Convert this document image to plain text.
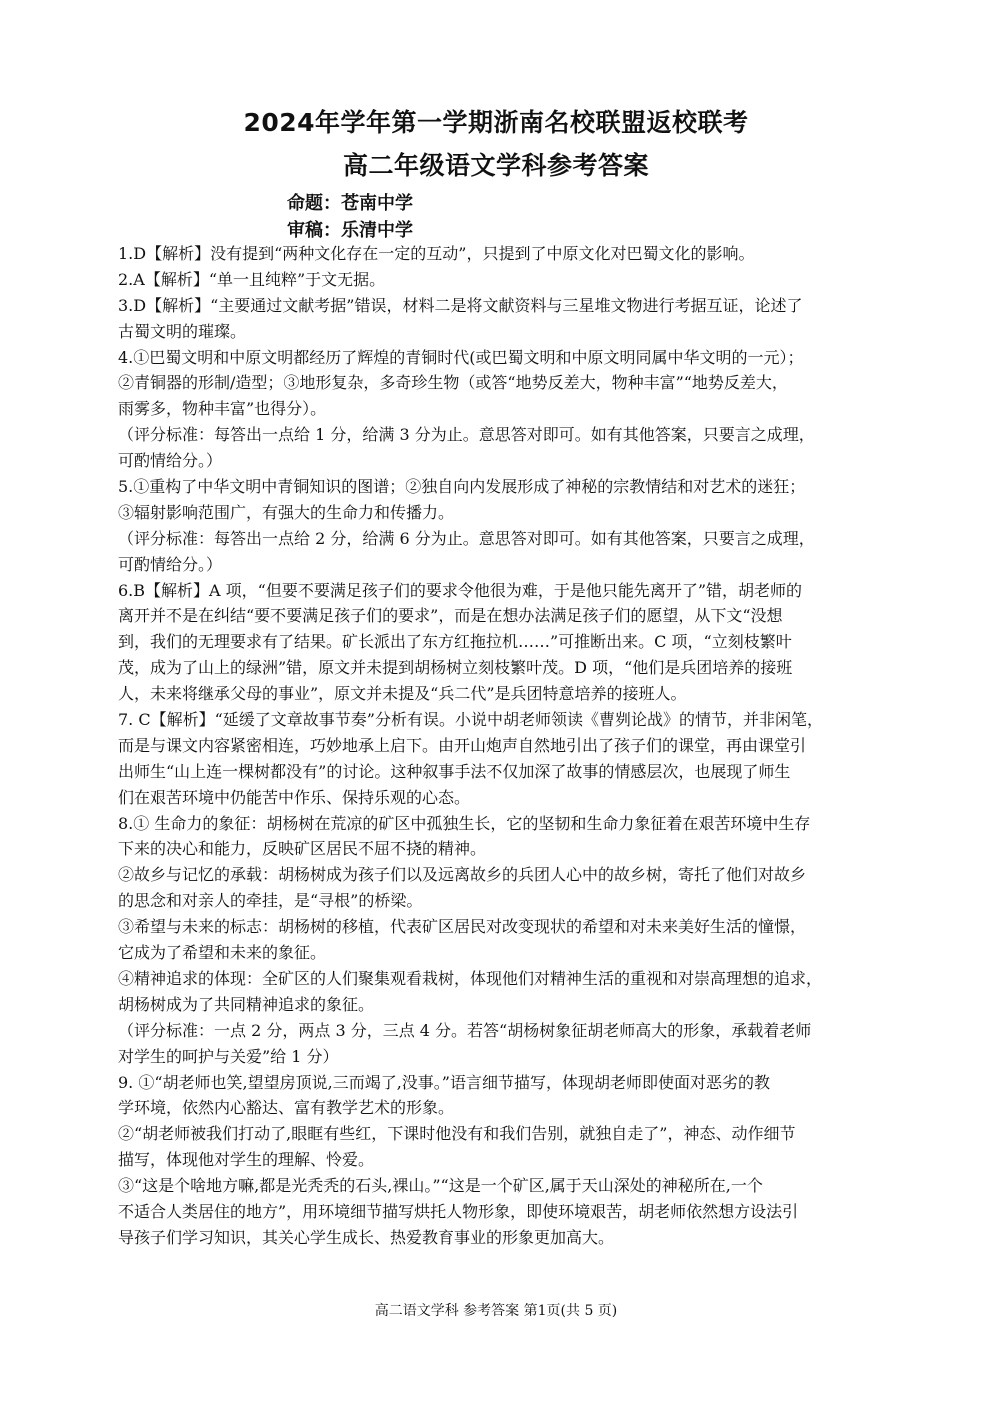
2024年学年第一学期浙南名校联盟返校联考
高二年级语文学科参考答案
命题：苍南中学
审稿：乐清中学
1.D【解析】没有提到“两种文化存在一定的互动”，只提到了中原文化对巴蜀文化的影响。
2.A【解析】“单一且纯粹”于文无据。
3.D【解析】“主要通过文献考据”错误，材料二是将文献资料与三星堆文物进行考据互证，论述了
古蜀文明的璀璨。
4.①巴蜀文明和中原文明都经历了辉煌的青铜时代(或巴蜀文明和中原文明同属中华文明的一元）；
②青铜器的形制/造型；③地形复杂，多奇珍生物（或答“地势反差大，物种丰富”“地势反差大，
雨雾多，物种丰富”也得分）。
（评分标准：每答出一点给 1 分，给满 3 分为止。意思答对即可。如有其他答案，只要言之成理，
可酌情给分。）
5.①重构了中华文明中青铜知识的图谱；②独自向内发展形成了神秘的宗教情结和对艺术的迷狂；
③辐射影响范围广，有强大的生命力和传播力。
（评分标准：每答出一点给 2 分，给满 6 分为止。意思答对即可。如有其他答案，只要言之成理，
可酌情给分。）
6.B【解析】A 项，“但要不要满足孩子们的要求令他很为难，于是他只能先离开了”错，胡老师的
离开并不是在纠结“要不要满足孩子们的要求”，而是在想办法满足孩子们的愿望，从下文“没想
到，我们的无理要求有了结果。矿长派出了东方红拖拉机……”可推断出来。C 项，“立刻枝繁叶
茂，成为了山上的绿洲”错，原文并未提到胡杨树立刻枝繁叶茂。D 项，“他们是兵团培养的接班
人，未来将继承父母的事业”，原文并未提及“兵二代”是兵团特意培养的接班人。
7. C【解析】“延缓了文章故事节奏”分析有误。小说中胡老师领读《曹刿论战》的情节，并非闲笔，
而是与课文内容紧密相连，巧妙地承上启下。由开山炮声自然地引出了孩子们的课堂，再由课堂引
出师生“山上连一棵树都没有”的讨论。这种叙事手法不仅加深了故事的情感层次，也展现了师生
们在艰苦环境中仍能苦中作乐、保持乐观的心态。
8.① 生命力的象征：胡杨树在荒凉的矿区中孤独生长，它的坚韧和生命力象征着在艰苦环境中生存
下来的决心和能力，反映矿区居民不屈不挠的精神。
②故乡与记忆的承载：胡杨树成为孩子们以及远离故乡的兵团人心中的故乡树，寄托了他们对故乡
的思念和对亲人的牵挂，是“寻根”的桥梁。
③希望与未来的标志：胡杨树的移植，代表矿区居民对改变现状的希望和对未来美好生活的憧憬，
它成为了希望和未来的象征。
④精神追求的体现：全矿区的人们聚集观看栽树，体现他们对精神生活的重视和对崇高理想的追求，
胡杨树成为了共同精神追求的象征。
（评分标准：一点 2 分，两点 3 分，三点 4 分。若答“胡杨树象征胡老师高大的形象，承载着老师
对学生的呵护与关爱”给 1 分）
9. ①“胡老师也笑,望望房顶说,三而竭了,没事。”语言细节描写，体现胡老师即使面对恶劣的教
学环境，依然内心豁达、富有教学艺术的形象。
②“胡老师被我们打动了,眼眶有些红，下课时他没有和我们告别，就独自走了”，神态、动作细节
描写，体现他对学生的理解、怜爱。
③“这是个啥地方嘛,都是光秃秃的石头,裸山。”“这是一个矿区,属于天山深处的神秘所在,一个
不适合人类居住的地方”，用环境细节描写烘托人物形象，即使环境艰苦，胡老师依然想方设法引
导孩子们学习知识，其关心学生成长、热爱教育事业的形象更加高大。
高二语文学科 参考答案 第1页(共 5 页)
